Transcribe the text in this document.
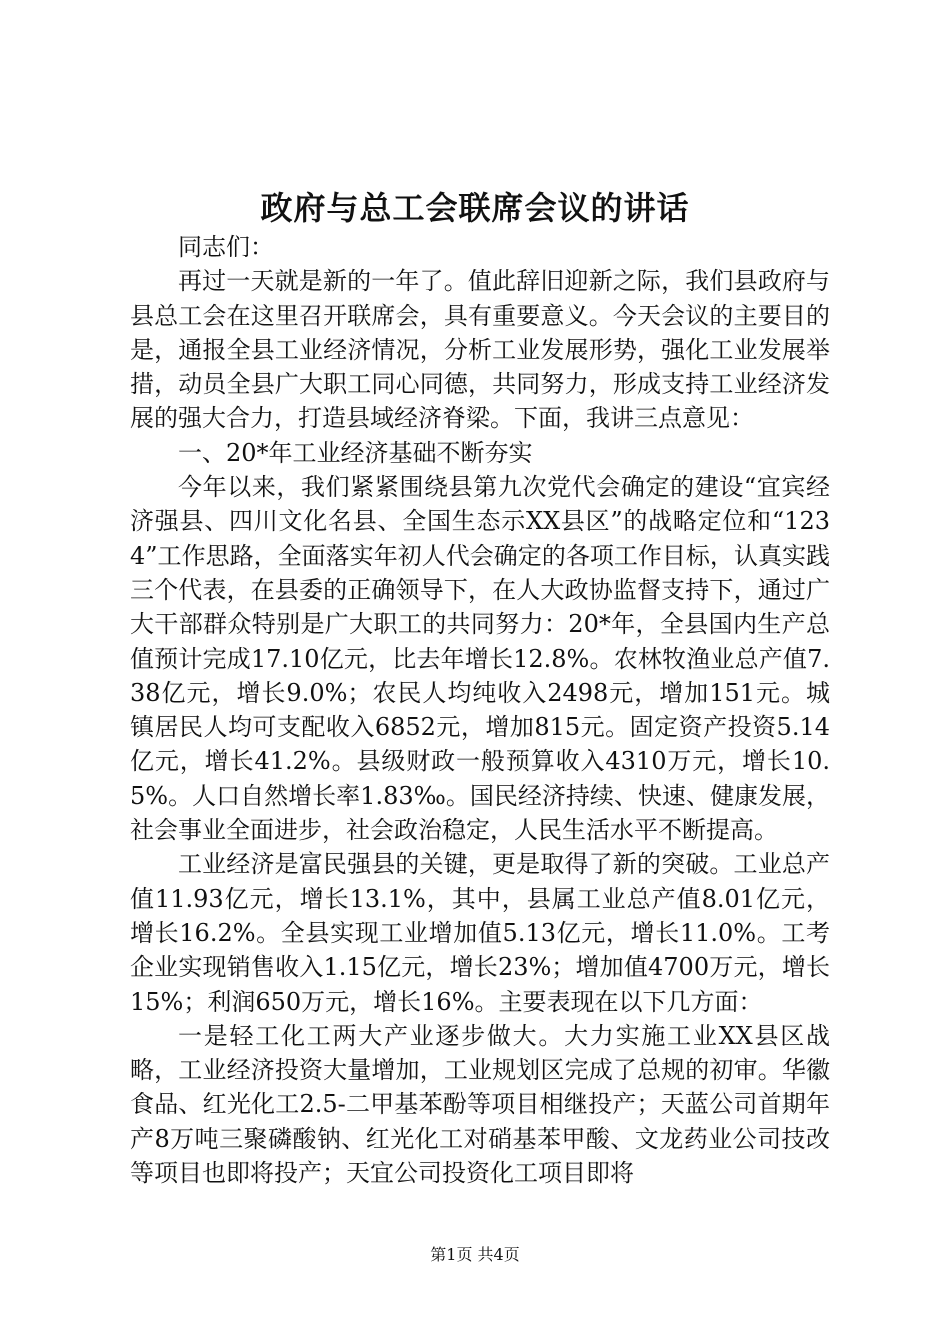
政府与总工会联席会议的讲话

同志们：

再过一天就是新的一年了。值此辞旧迎新之际，我们县政府与县总工会在这里召开联席会，具有重要意义。今天会议的主要目的是，通报全县工业经济情况，分析工业发展形势，强化工业发展举措，动员全县广大职工同心同德，共同努力，形成支持工业经济发展的强大合力，打造县域经济脊梁。下面，我讲三点意见：

一、20*年工业经济基础不断夯实

今年以来，我们紧紧围绕县第九次党代会确定的建设“宜宾经济强县、四川文化名县、全国生态示XX县区”的战略定位和“1234”工作思路，全面落实年初人代会确定的各项工作目标，认真实践三个代表，在县委的正确领导下，在人大政协监督支持下，通过广大干部群众特别是广大职工的共同努力：20*年，全县国内生产总值预计完成17.10亿元，比去年增长12.8%。农林牧渔业总产值7.38亿元，增长9.0%；农民人均纯收入2498元，增加151元。城镇居民人均可支配收入6852元，增加815元。固定资产投资5.14亿元，增长41.2%。县级财政一般预算收入4310万元，增长10.5%。人口自然增长率1.83‰。国民经济持续、快速、健康发展，社会事业全面进步，社会政治稳定，人民生活水平不断提高。

工业经济是富民强县的关键，更是取得了新的突破。工业总产值11.93亿元，增长13.1%，其中，县属工业总产值8.01亿元，增长16.2%。全县实现工业增加值5.13亿元，增长11.0%。工考企业实现销售收入1.15亿元，增长23%；增加值4700万元，增长15%；利润650万元，增长16%。主要表现在以下几方面：

一是轻工化工两大产业逐步做大。大力实施工业XX县区战略，工业经济投资大量增加，工业规划区完成了总规的初审。华徽食品、红光化工2.5-二甲基苯酚等项目相继投产；天蓝公司首期年产8万吨三聚磷酸钠、红光化工对硝基苯甲酸、文龙药业公司技改等项目也即将投产；天宜公司投资化工项目即将

第1页 共4页
